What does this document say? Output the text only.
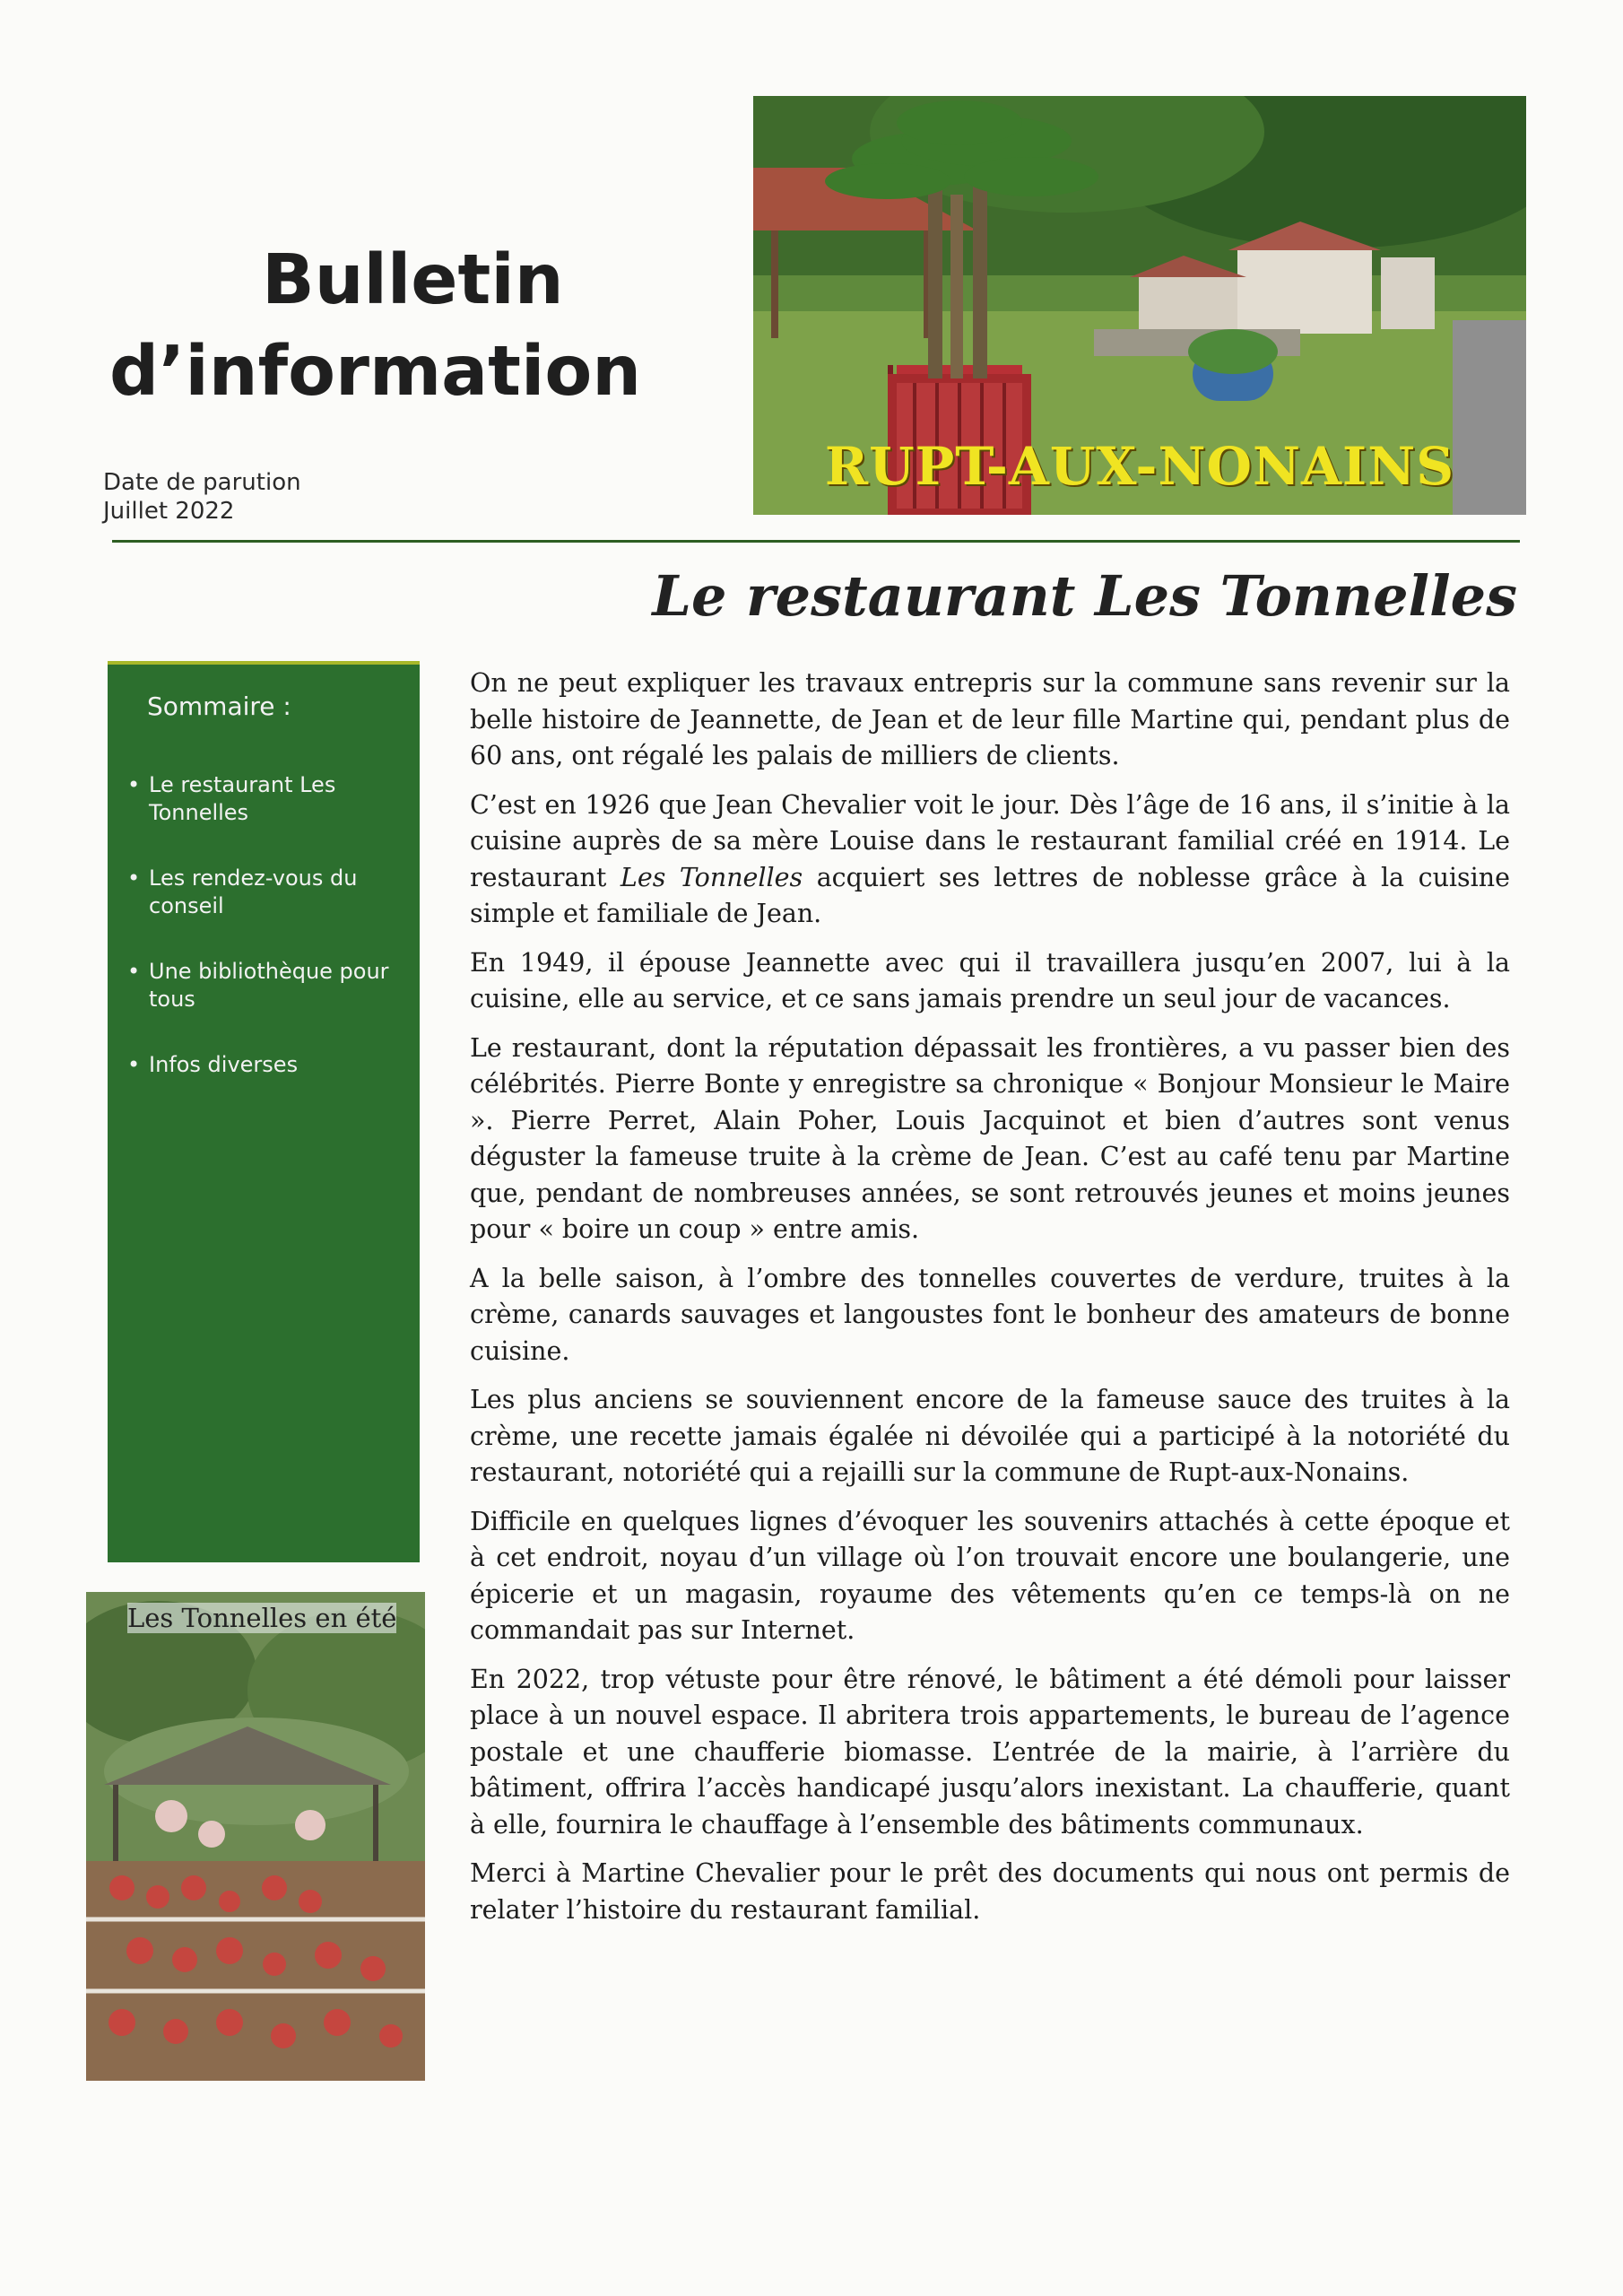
Bulletin
d’information
Date de parution
Juillet 2022
RUPT-AUX-NONAINS
Le restaurant Les Tonnelles
Sommaire :
• Le restaurant Les Tonnelles
• Les rendez-vous du conseil
• Une bibliothèque pour tous
• Infos diverses
Les Tonnelles en été

On ne peut expliquer les travaux entrepris sur la commune sans revenir sur la belle histoire de Jeannette, de Jean et de leur fille Martine qui, pendant plus de 60 ans, ont régalé les palais de milliers de clients.

C’est en 1926 que Jean Chevalier voit le jour. Dès l’âge de 16 ans, il s’initie à la cuisine auprès de sa mère Louise dans le restaurant familial créé en 1914. Le restaurant Les Tonnelles acquiert ses lettres de noblesse grâce à la cuisine simple et familiale de Jean.

En 1949, il épouse Jeannette avec qui il travaillera jusqu’en 2007, lui à la cuisine, elle au service, et ce sans jamais prendre un seul jour de vacances.

Le restaurant, dont la réputation dépassait les frontières, a vu passer bien des célébrités. Pierre Bonte y enregistre sa chronique « Bonjour Monsieur le Maire ». Pierre Perret, Alain Poher, Louis Jacquinot et bien d’autres sont venus déguster la fameuse truite à la crème de Jean. C’est au café tenu par Martine que, pendant de nombreuses années, se sont retrouvés jeunes et moins jeunes pour « boire un coup » entre amis.

A la belle saison, à l’ombre des tonnelles couvertes de verdure, truites à la crème, canards sauvages et langoustes font le bonheur des amateurs de bonne cuisine.

Les plus anciens se souviennent encore de la fameuse sauce des truites à la crème, une recette jamais égalée ni dévoilée qui a participé à la notoriété du restaurant, notoriété qui a rejailli sur la commune de Rupt-aux-Nonains.

Difficile en quelques lignes d’évoquer les souvenirs attachés à cette époque et à cet endroit, noyau d’un village où l’on trouvait encore une boulangerie, une épicerie et un magasin, royaume des vêtements qu’en ce temps-là on ne commandait pas sur Internet.

En 2022, trop vétuste pour être rénové, le bâtiment a été démoli pour laisser place à un nouvel espace. Il abritera trois appartements, le bureau de l’agence postale et une chaufferie biomasse. L’entrée de la mairie, à l’arrière du bâtiment, offrira l’accès handicapé jusqu’alors inexistant. La chaufferie, quant à elle, fournira le chauffage à l’ensemble des bâtiments communaux.

Merci à Martine Chevalier pour le prêt des documents qui nous ont permis de relater l’histoire du restaurant familial.
